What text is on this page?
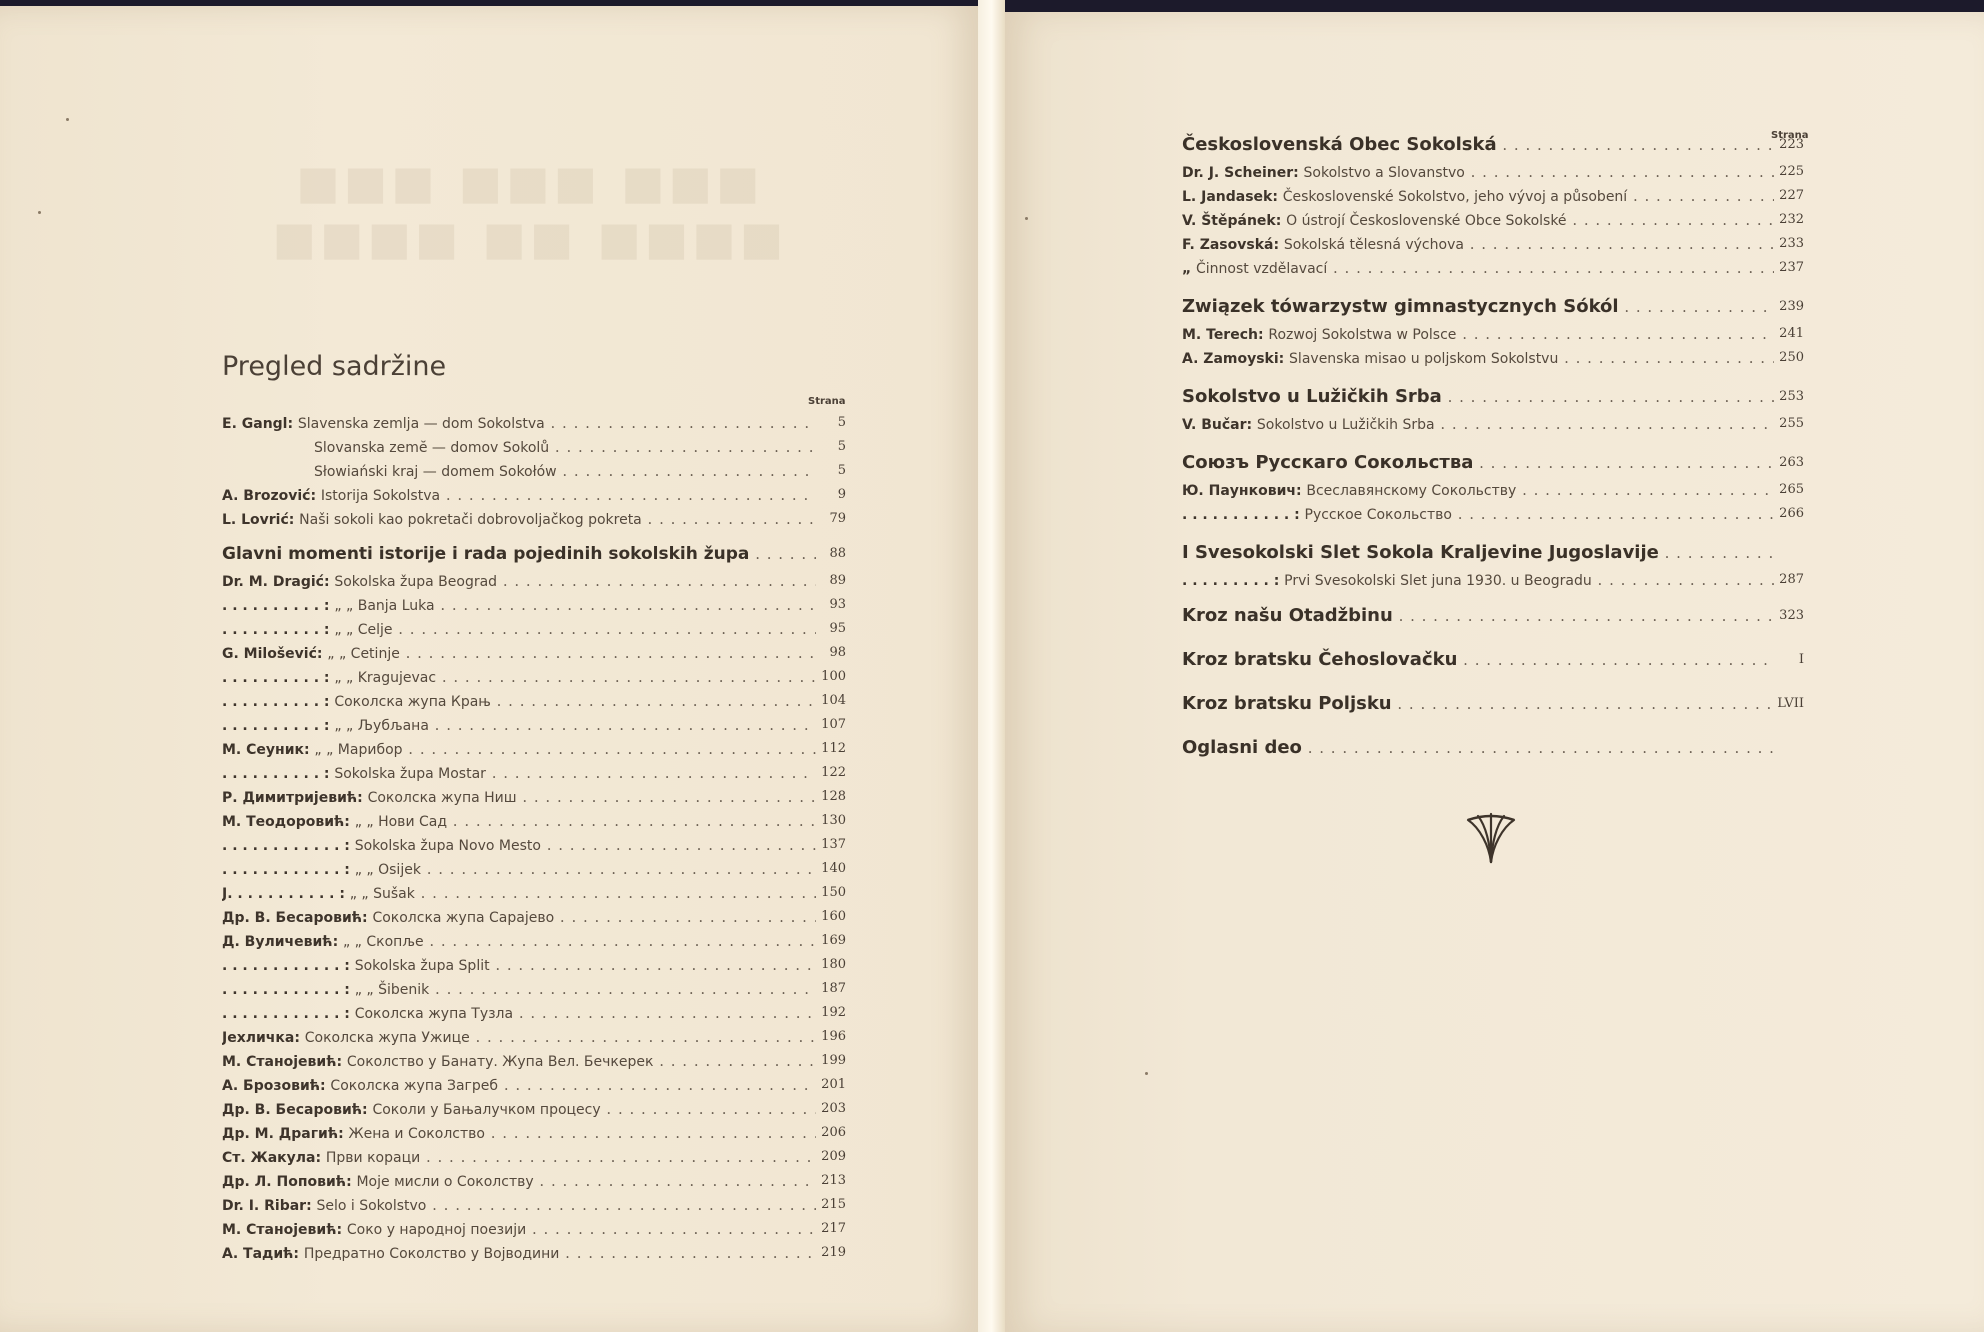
■■■ ■■■ ■■■
■■■■ ■■ ■■■■
Pregled sadržine
Strana
E. Gangl: Slavenska zemlja — dom Sokolstva . . .	5
Slovanska zemĕ — domov Sokolů . . .	5
Słowiański kraj — domem Sokołów . . .	5
A. Brozović: Istorija Sokolstva . . .	9
L. Lovrić: Naši sokoli kao pokretači dobrovoljačkog pokreta . . .	79
Glavni momenti istorije i rada pojedinih sokolskih župa . . .	88
Dr. M. Dragić: Sokolska župa Beograd . . .	89
. . . . . . . . . . : „ „ Banja Luka . . .	93
. . . . . . . . . . : „ „ Celje . . .	95
G. Milošević: „ „ Cetinje . . .	98
. . . . . . . . . . : „ „ Kragujevac . . .	100
. . . . . . . . . . : Соколска жупа Крањ . . .	104
. . . . . . . . . . : „ „ Љубљана . . .	107
М. Сеуник: „ „ Марибор . . .	112
. . . . . . . . . . : Sokolska župa Mostar . . .	122
Р. Димитријевић: Соколска жупа Ниш . . .	128
М. Теодоровић: „ „ Нови Сад . . .	130
. . . . . . . . . . . . : Sokolska župa Novo Mesto . . .	137
. . . . . . . . . . . . : „ „ Osijek . . .	140
J. . . . . . . . . . . : „ „ Sušak . . .	150
Др. В. Бесаровић: Соколска жупа Сарајево . . .	160
Д. Вуличевић: „ „ Скопље . . .	169
. . . . . . . . . . . . : Sokolska župa Split . . .	180
. . . . . . . . . . . . : „ „ Šibenik . . .	187
. . . . . . . . . . . . : Соколска жупа Тузла . . .	192
Јехличка: Соколска жупа Ужице . . .	196
М. Станојевић: Соколство у Банату. Жупа Вел. Бечкерек . . .	199
А. Брозовић: Соколска жупа Загреб . . .	201
Др. В. Бесаровић: Соколи у Бањалучком процесу . . .	203
Др. М. Драгић: Жена и Соколство . . .	206
Ст. Жакула: Први кораци . . .	209
Др. Л. Поповић: Моје мисли о Соколству . . .	213
Dr. I. Ribar: Selo i Sokolstvo . . .	215
М. Станојевић: Соко у народној поезији . . .	217
А. Тадић: Предратно Соколство у Војводини . . .	219
Strana
Československá Obec Sokolská . . .	223
Dr. J. Scheiner: Sokolstvo a Slovanstvo . . .	225
L. Jandasek: Československé Sokolstvo, jeho vývoj a působení . . .	227
V. Štěpánek: O ústrojí Československé Obce Sokolské . . .	232
F. Zasovská: Sokolská tělesná výchova . . .	233
„ Činnost vzdělavací . . .	237
Związek tówarzystw gimnastycznych Sókól . . .	239
M. Terech: Rozwoj Sokolstwa w Polsce . . .	241
A. Zamoyski: Slavenska misao u poljskom Sokolstvu . . .	250
Sokolstvo u Lužičkih Srba . . .	253
V. Bučar: Sokolstvo u Lužičkih Srba . . .	255
Союзъ Русскаго Сокольства . . .	263
Ю. Паункович: Всеславянскому Сокольству . . .	265
. . . . . . . . . . . : Русское Сокольство . . .	266
I Svesokolski Slet Sokola Kraljevine Jugoslavije . . .
. . . . . . . . . : Prvi Svesokolski Slet juna 1930. u Beogradu . . .	287
Kroz našu Otadžbinu . . .	323
Kroz bratsku Čehoslovačku . . .	I
Kroz bratsku Poljsku . . .	LVII
Oglasni deo . . .
